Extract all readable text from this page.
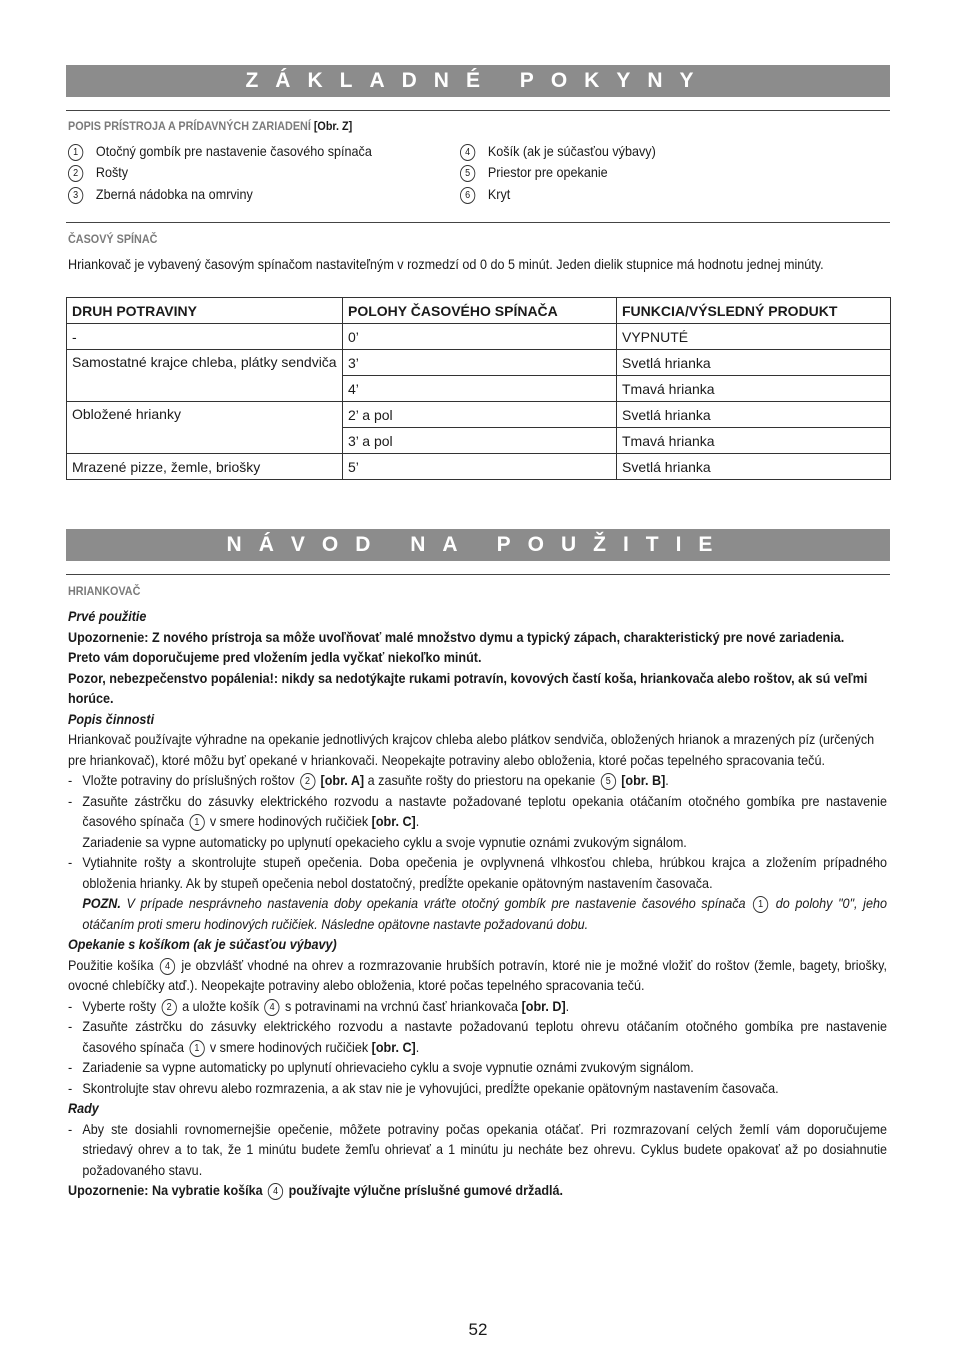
ZÁKLADNÉ POKYNY
POPIS PRÍSTROJA A PRÍDAVNÝCH ZARIADENÍ [Obr. Z]
1 Otočný gombík pre nastavenie časového spínača
2 Rošty
3 Zberná nádobka na omrviny
4 Košík (ak je súčasťou výbavy)
5 Priestor pre opekanie
6 Kryt
ČASOVÝ SPÍNAČ
Hriankovač je vybavený časovým spínačom nastaviteľným v rozmedzí od 0 do 5 minút. Jeden dielik stupnice má hodnotu jednej minúty.
DRUH POTRAVINY	POLOHY ČASOVÉHO SPÍNAČA	FUNKCIA/VÝSLEDNÝ PRODUKT
-	0’	VYPNUTÉ
Samostatné krajce chleba, plátky sendviča	3’	Svetlá hrianka
	4’	Tmavá hrianka
Obložené hrianky	2’ a pol	Svetlá hrianka
	3’ a pol	Tmavá hrianka
Mrazené pizze, žemle, briošky	5’	Svetlá hrianka
NÁVOD NA POUŽITIE
HRIANKOVAČ
Prvé použitie
Upozornenie: Z nového prístroja sa môže uvoľňovať malé množstvo dymu a typický zápach, charakteristický pre nové zariadenia.
Preto vám doporučujeme pred vložením jedla vyčkať niekoľko minút.
Pozor, nebezpečenstvo popálenia!: nikdy sa nedotýkajte rukami potravín, kovových častí koša, hriankovača alebo roštov, ak sú veľmi horúce.
Popis činnosti
Hriankovač používajte výhradne na opekanie jednotlivých krajcov chleba alebo plátkov sendviča, obložených hrianok a mrazených píz (určených pre hriankovač), ktoré môžu byť opekané v hriankovači. Neopekajte potraviny alebo obloženia, ktoré počas tepelného spracovania tečú.
- Vložte potraviny do príslušných roštov 2 [obr. A] a zasuňte rošty do priestoru na opekanie 5 [obr. B].
- Zasuňte zástrčku do zásuvky elektrického rozvodu a nastavte požadované teplotu opekania otáčaním otočného gombíka pre nastavenie časového spínača 1 v smere hodinových ručičiek [obr. C].
Zariadenie sa vypne automaticky po uplynutí opekacieho cyklu a svoje vypnutie oznámi zvukovým signálom.
- Vytiahnite rošty a skontrolujte stupeň opečenia. Doba opečenia je ovplyvnená vlhkosťou chleba, hrúbkou krajca a zložením prípadného obloženia hrianky. Ak by stupeň opečenia nebol dostatočný, predĺžte opekanie opätovným nastavením časovača.
POZN. V prípade nesprávneho nastavenia doby opekania vráťte otočný gombík pre nastavenie časového spínača 1 do polohy "0", jeho otáčaním proti smeru hodinových ručičiek. Následne opätovne nastavte požadovanú dobu.
Opekanie s košíkom (ak je súčasťou výbavy)
Použitie košíka 4 je obzvlášť vhodné na ohrev a rozmrazovanie hrubších potravín, ktoré nie je možné vložiť do roštov (žemle, bagety, briošky, ovocné chlebíčky atď.). Neopekajte potraviny alebo obloženia, ktoré počas tepelného spracovania tečú.
- Vyberte rošty 2 a uložte košík 4 s potravinami na vrchnú časť hriankovača [obr. D].
- Zasuňte zástrčku do zásuvky elektrického rozvodu a nastavte požadovanú teplotu ohrevu otáčaním otočného gombíka pre nastavenie časového spínača 1 v smere hodinových ručičiek [obr. C].
- Zariadenie sa vypne automaticky po uplynutí ohrievacieho cyklu a svoje vypnutie oznámi zvukovým signálom.
- Skontrolujte stav ohrevu alebo rozmrazenia, a ak stav nie je vyhovujúci, predĺžte opekanie opätovným nastavením časovača.
Rady
- Aby ste dosiahli rovnomernejšie opečenie, môžete potraviny počas opekania otáčať. Pri rozmrazovaní celých žemlí vám doporučujeme striedavý ohrev a to tak, že 1 minútu budete žemľu ohrievať a 1 minútu ju necháte bez ohrevu. Cyklus budete opakovať až po dosiahnutie požadovaného stavu.
Upozornenie: Na vybratie košíka 4 používajte výlučne príslušné gumové držadlá.
52
